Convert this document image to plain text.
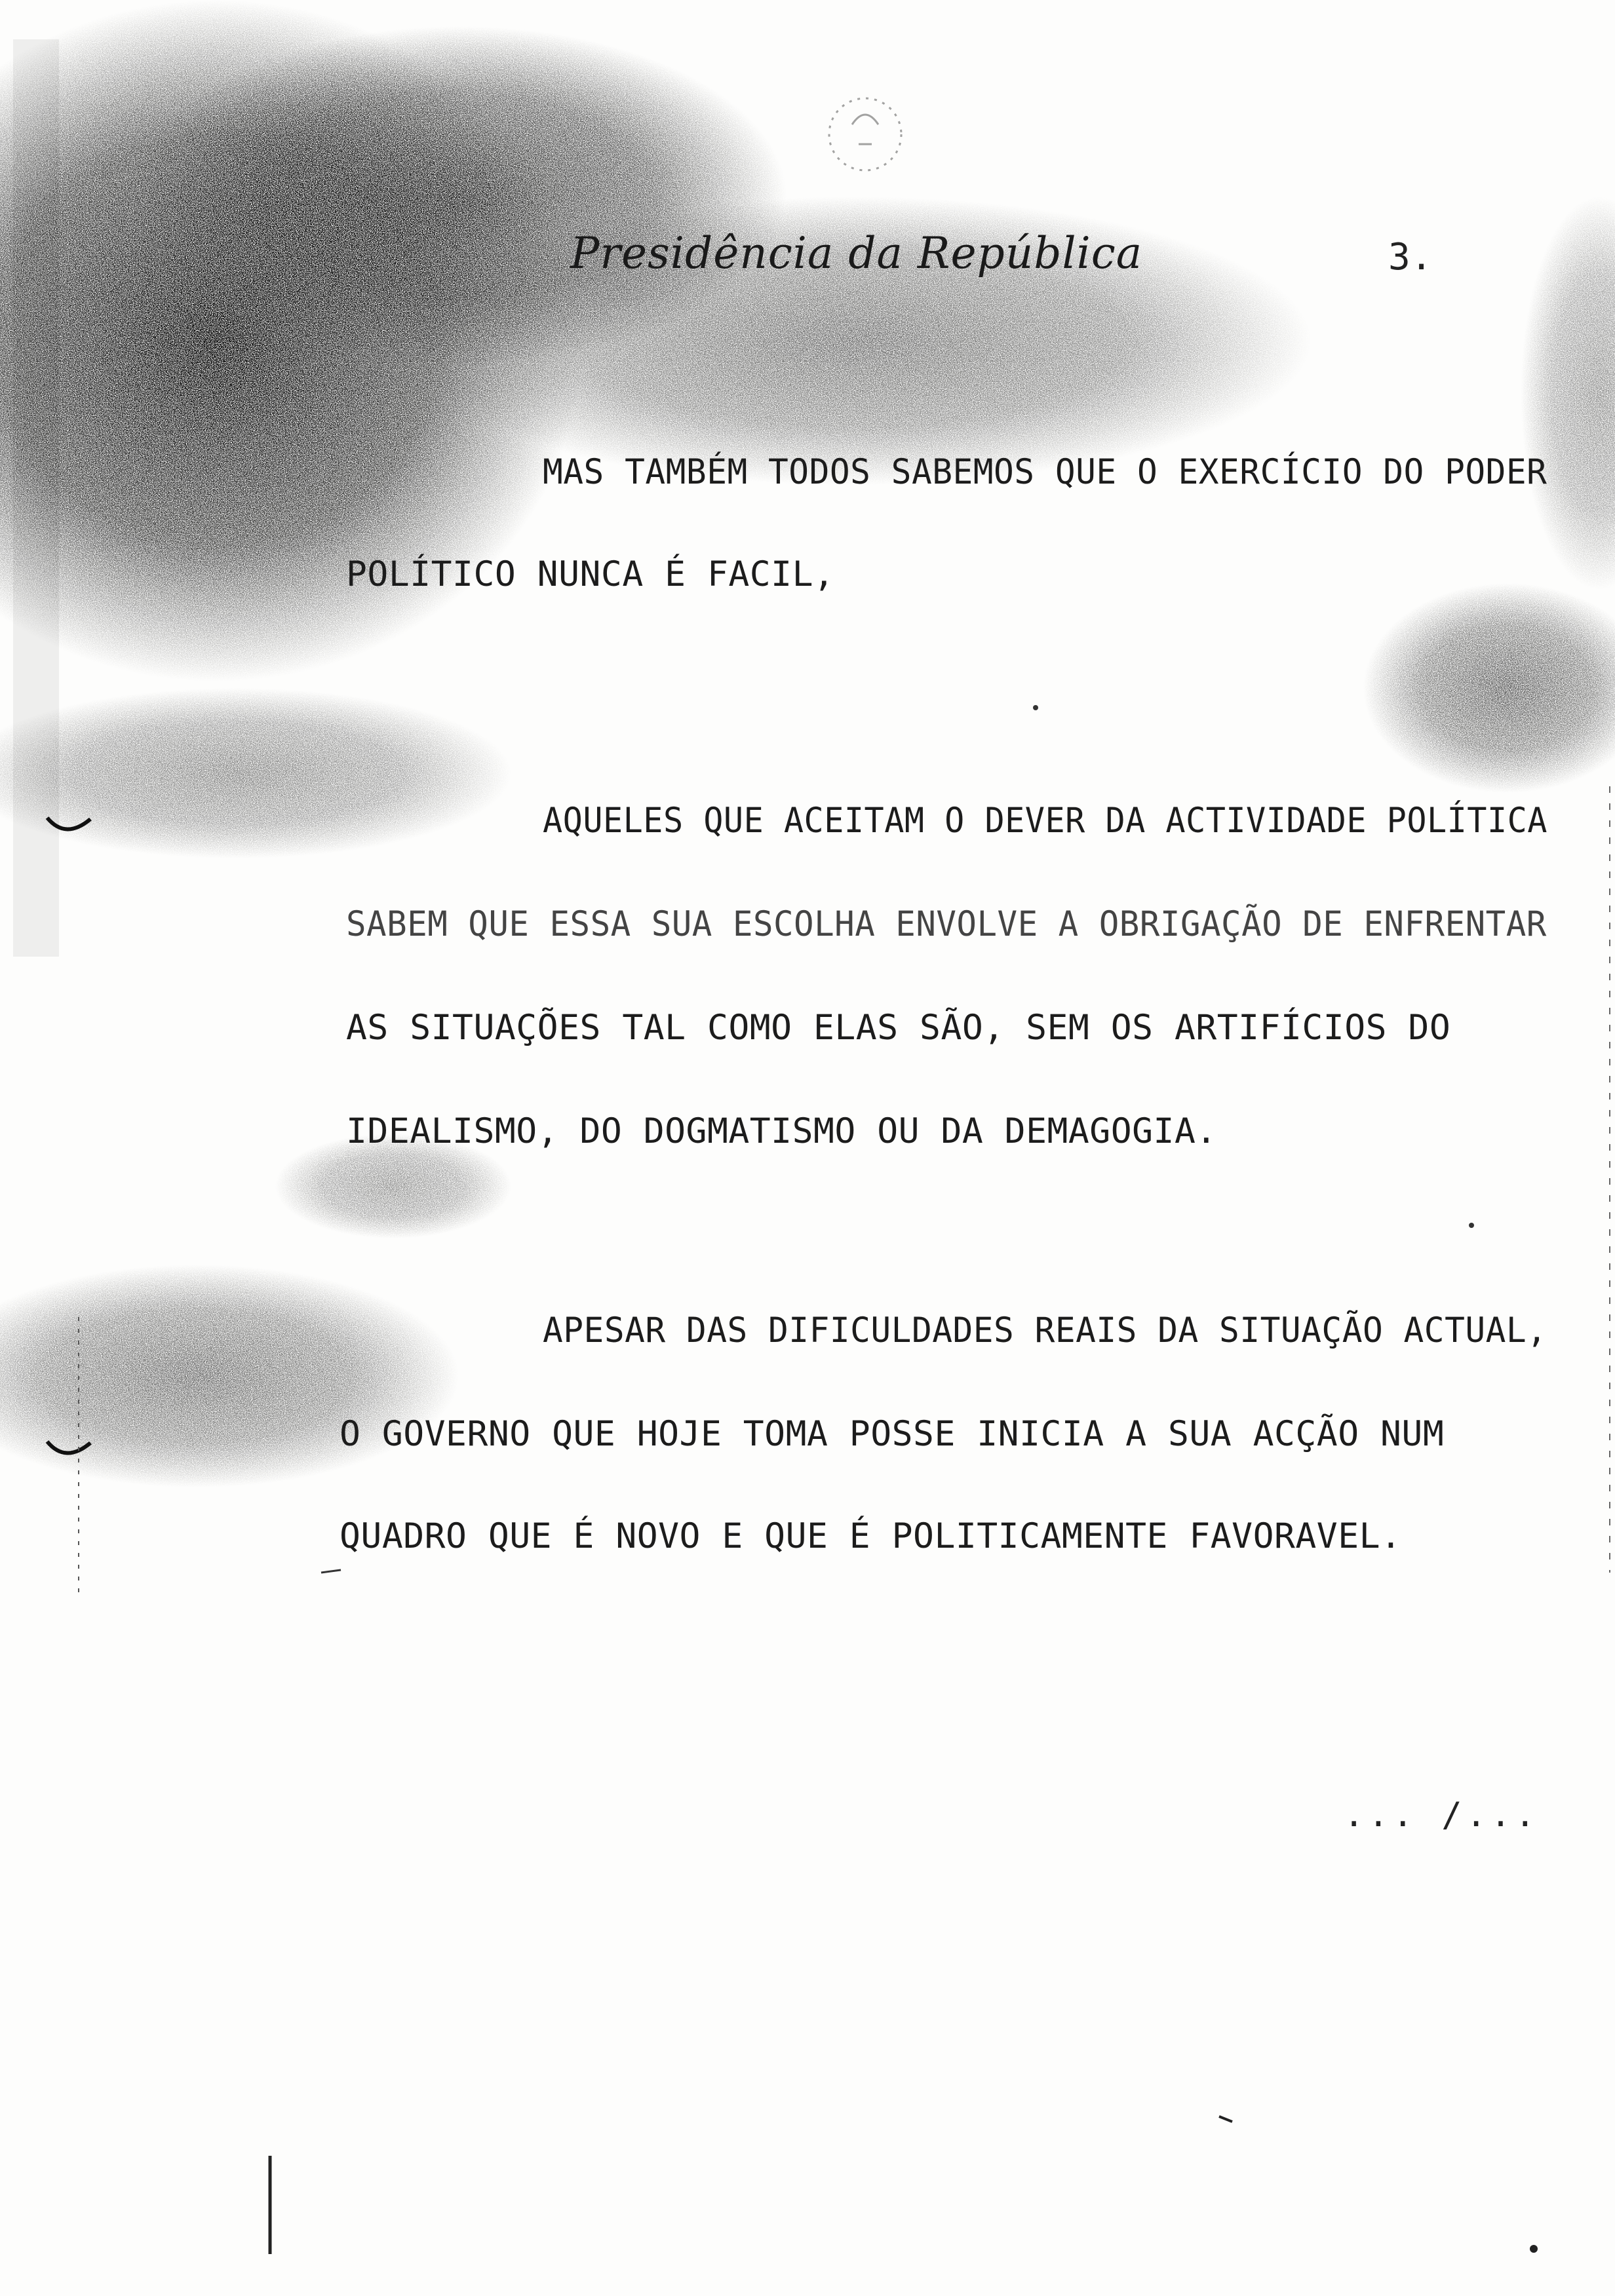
Presidência da República	3.
MAS TAMBÉM TODOS SABEMOS QUE O EXERCÍCIO DO PODER
POLÍTICO NUNCA É FACIL,
AQUELES QUE ACEITAM O DEVER DA ACTIVIDADE POLÍTICA
SABEM QUE ESSA SUA ESCOLHA ENVOLVE A OBRIGAÇÃO DE ENFRENTAR
AS SITUAÇÕES TAL COMO ELAS SÃO, SEM OS ARTIFÍCIOS DO
IDEALISMO, DO DOGMATISMO OU DA DEMAGOGIA.
APESAR DAS DIFICULDADES REAIS DA SITUAÇÃO ACTUAL,
O GOVERNO QUE HOJE TOMA POSSE INICIA A SUA ACÇÃO NUM
QUADRO QUE É NOVO E QUE É POLITICAMENTE FAVORAVEL.
... /...
